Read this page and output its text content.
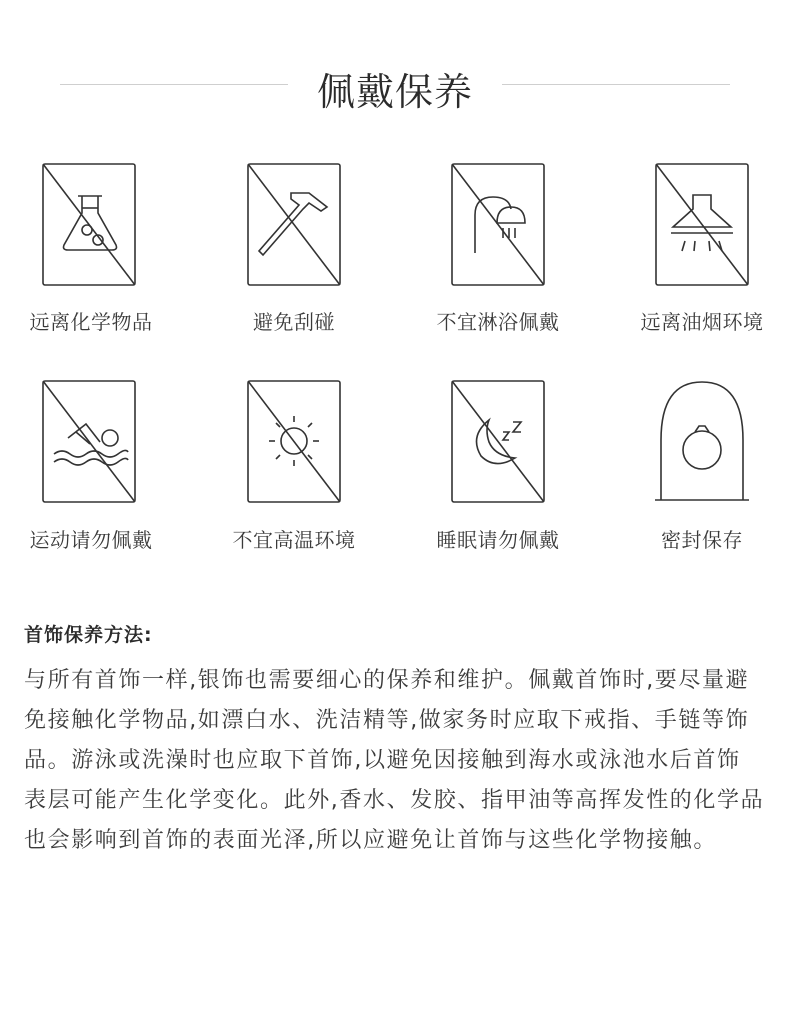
佩戴保养
远离化学物品	避免刮碰	不宜淋浴佩戴	远离油烟环境
运动请勿佩戴	不宜高温环境	睡眠请勿佩戴	密封保存
首饰保养方法:
与所有首饰一样,银饰也需要细心的保养和维护。佩戴首饰时,要尽量避
免接触化学物品,如漂白水、洗洁精等,做家务时应取下戒指、手链等饰
品。游泳或洗澡时也应取下首饰,以避免因接触到海水或泳池水后首饰
表层可能产生化学变化。此外,香水、发胶、指甲油等高挥发性的化学品
也会影响到首饰的表面光泽,所以应避免让首饰与这些化学物接触。
